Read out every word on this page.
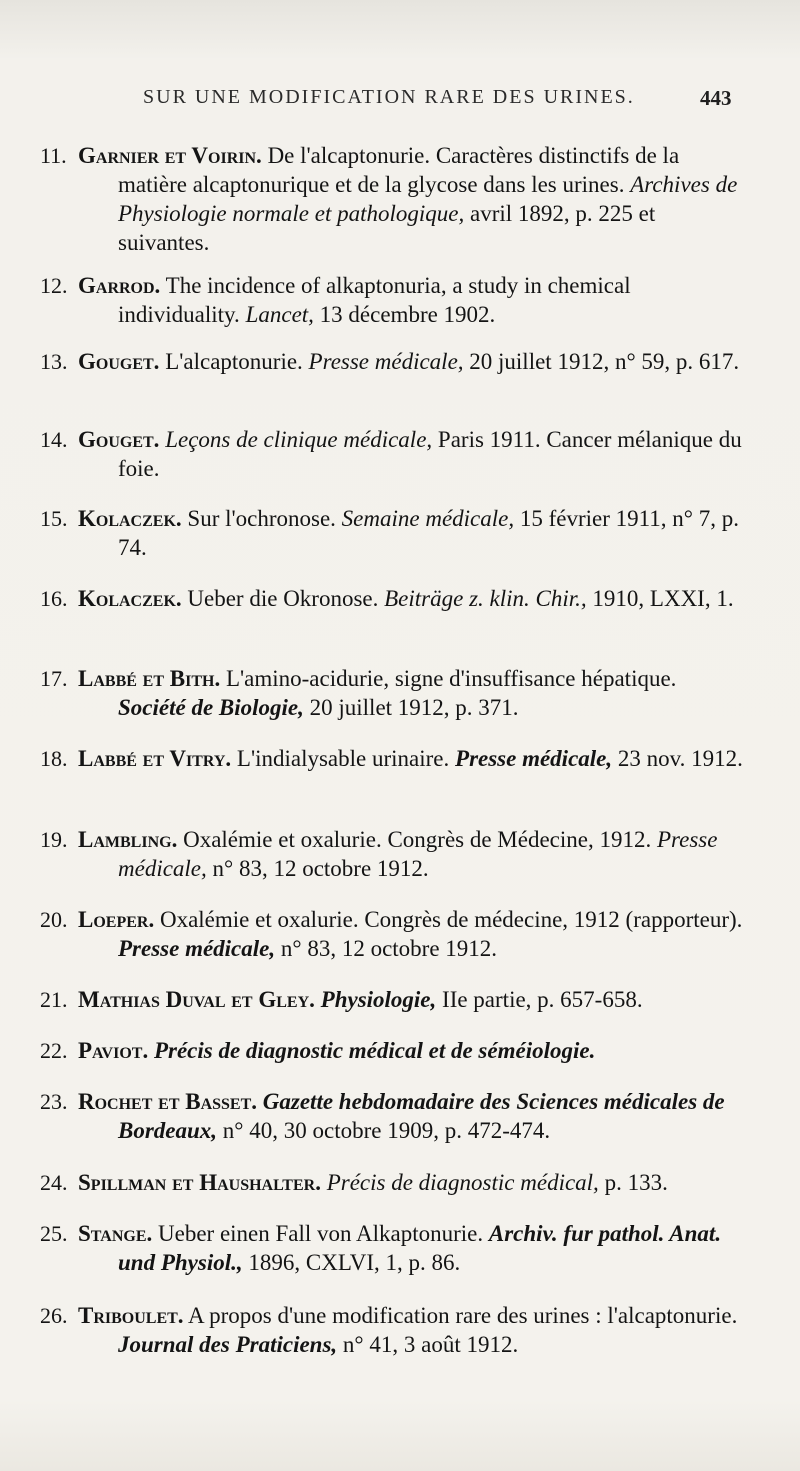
SUR UNE MODIFICATION RARE DES URINES.	443
11. Garnier et Voirin. De l'alcaptonurie. Caractères distinctifs de la matière alcaptonurique et de la glycose dans les urines. Archives de Physiologie normale et pathologique, avril 1892, p. 225 et suivantes.
12. Garrod. The incidence of alkaptonuria, a study in chemical individuality. Lancet, 13 décembre 1902.
13. Gouget. L'alcaptonurie. Presse médicale, 20 juillet 1912, n° 59, p. 617.
14. Gouget. Leçons de clinique médicale, Paris 1911. Cancer mélanique du foie.
15. Kolaczek. Sur l'ochronose. Semaine médicale, 15 février 1911, n° 7, p. 74.
16. Kolaczek. Ueber die Okronose. Beiträge z. klin. Chir., 1910, LXXI, 1.
17. Labbé et Bith. L'amino-acidurie, signe d'insuffisance hépatique. Société de Biologie, 20 juillet 1912, p. 371.
18. Labbé et Vitry. L'indialysable urinaire. Presse médicale, 23 nov. 1912.
19. Lambling. Oxalémie et oxalurie. Congrès de Médecine, 1912. Presse médicale, n° 83, 12 octobre 1912.
20. Loeper. Oxalémie et oxalurie. Congrès de médecine, 1912 (rapporteur). Presse médicale, n° 83, 12 octobre 1912.
21. Mathias Duval et Gley. Physiologie, IIe partie, p. 657-658.
22. Paviot. Précis de diagnostic médical et de séméiologie.
23. Rochet et Basset. Gazette hebdomadaire des Sciences médicales de Bordeaux, n° 40, 30 octobre 1909, p. 472-474.
24. Spillman et Haushalter. Précis de diagnostic médical, p. 133.
25. Stange. Ueber einen Fall von Alkaptonurie. Archiv. fur pathol. Anat. und Physiol., 1896, CXLVI, 1, p. 86.
26. Triboulet. A propos d'une modification rare des urines : l'alcaptonurie. Journal des Praticiens, n° 41, 3 août 1912.
